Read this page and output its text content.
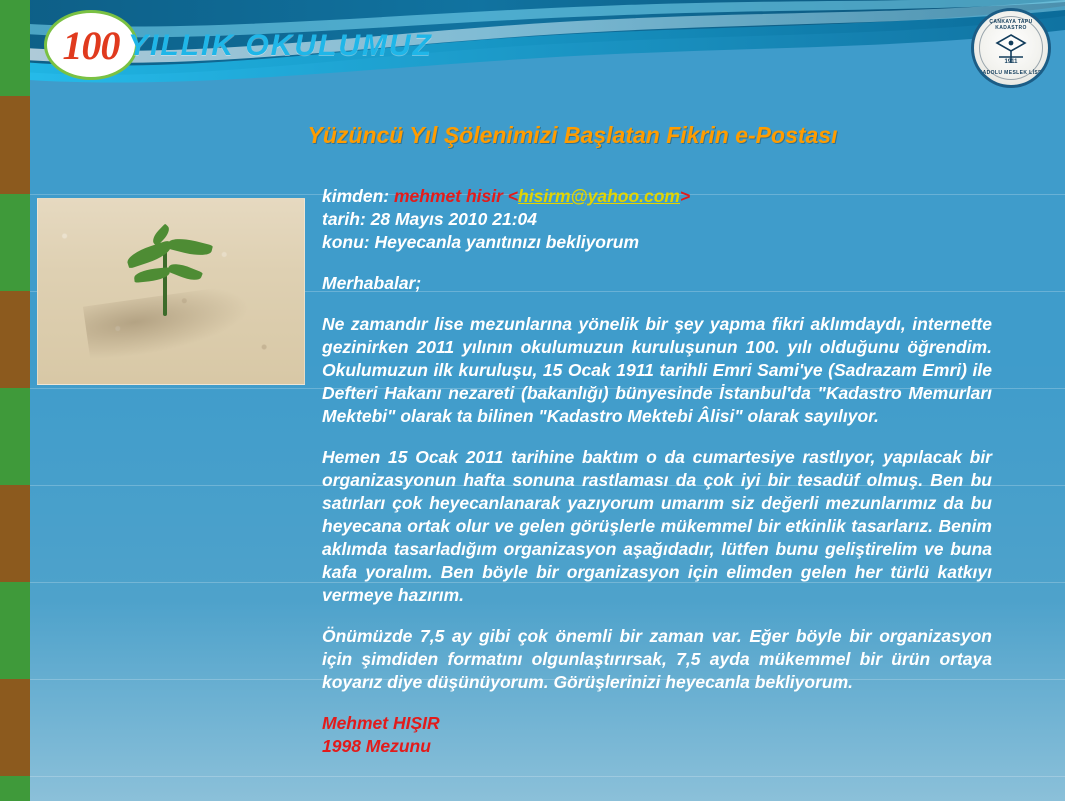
100 YILLIK OKULUMUZ
ÇANKAYA TAPU KADASTRO
1911
ANADOLU MESLEK LİSESİ
Yüzüncü Yıl Şölenimizi Başlatan Fikrin e-Postası

kimden: mehmet hisir <hisirm@yahoo.com>

tarih: 28 Mayıs 2010 21:04

konu: Heyecanla yanıtınızı bekliyorum

Merhabalar;

Ne zamandır lise mezunlarına yönelik bir şey yapma fikri aklımdaydı, internette gezinirken 2011 yılının okulumuzun kuruluşunun 100. yılı olduğunu öğrendim. Okulumuzun ilk kuruluşu, 15 Ocak 1911 tarihli Emri Sami'ye (Sadrazam Emri) ile Defteri Hakanı nezareti (bakanlığı) bünyesinde İstanbul'da "Kadastro Memurları Mektebi" olarak ta bilinen "Kadastro Mektebi Âlisi" olarak sayılıyor.

Hemen 15 Ocak 2011 tarihine baktım o da cumartesiye rastlıyor, yapılacak bir organizasyonun hafta sonuna rastlaması da çok iyi bir tesadüf olmuş. Ben bu satırları çok heyecanlanarak yazıyorum umarım siz değerli mezunlarımız da bu heyecana ortak olur ve gelen görüşlerle mükemmel bir etkinlik tasarlarız. Benim aklımda tasarladığım organizasyon aşağıdadır, lütfen bunu geliştirelim ve buna kafa yoralım. Ben böyle bir organizasyon için elimden gelen her türlü katkıyı vermeye hazırım.

Önümüzde 7,5 ay gibi çok önemli bir zaman var. Eğer böyle bir organizasyon için şimdiden formatını olgunlaştırırsak, 7,5 ayda mükemmel bir ürün ortaya koyarız diye düşünüyorum. Görüşlerinizi heyecanla bekliyorum.

Mehmet HIŞIR

1998 Mezunu
